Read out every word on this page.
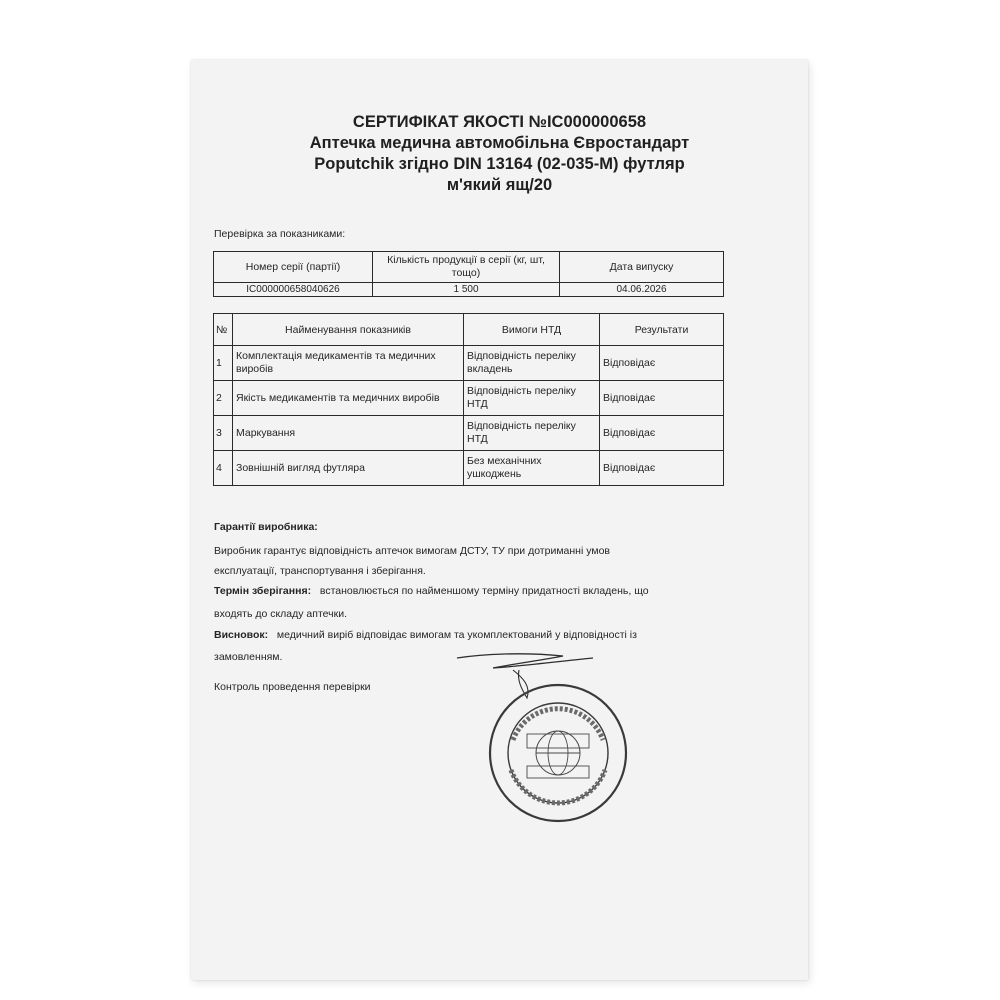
СЕРТИФІКАТ ЯКОСТІ №IC000000658
Аптечка медична автомобільна Євростандарт
Poputchik згідно DIN 13164 (02-035-M) футляр
м'який ящ/20
Перевірка за показниками:
Номер серії (партії)	Кількість продукції в серії (кг, шт, тощо)	Дата випуску
IC000000658040626	1 500	04.06.2026
№	Найменування показників	Вимоги НТД	Результати
1	Комплектація медикаментів та медичних виробів	Відповідність переліку вкладень	Відповідає
2	Якість медикаментів та медичних виробів	Відповідність переліку НТД	Відповідає
3	Маркування	Відповідність переліку НТД	Відповідає
4	Зовнішній вигляд футляра	Без механічних ушкоджень	Відповідає
Гарантії виробника:
Виробник гарантує відповідність аптечок вимогам ДСТУ, ТУ при дотриманні умов
експлуатації, транспортування і зберігання.
Термін зберігання: встановлюється по найменшому терміну придатності вкладень, що
входять до складу аптечки.
Висновок: медичний виріб відповідає вимогам та укомплектований у відповідності із
замовленням.
Контроль проведення перевірки
